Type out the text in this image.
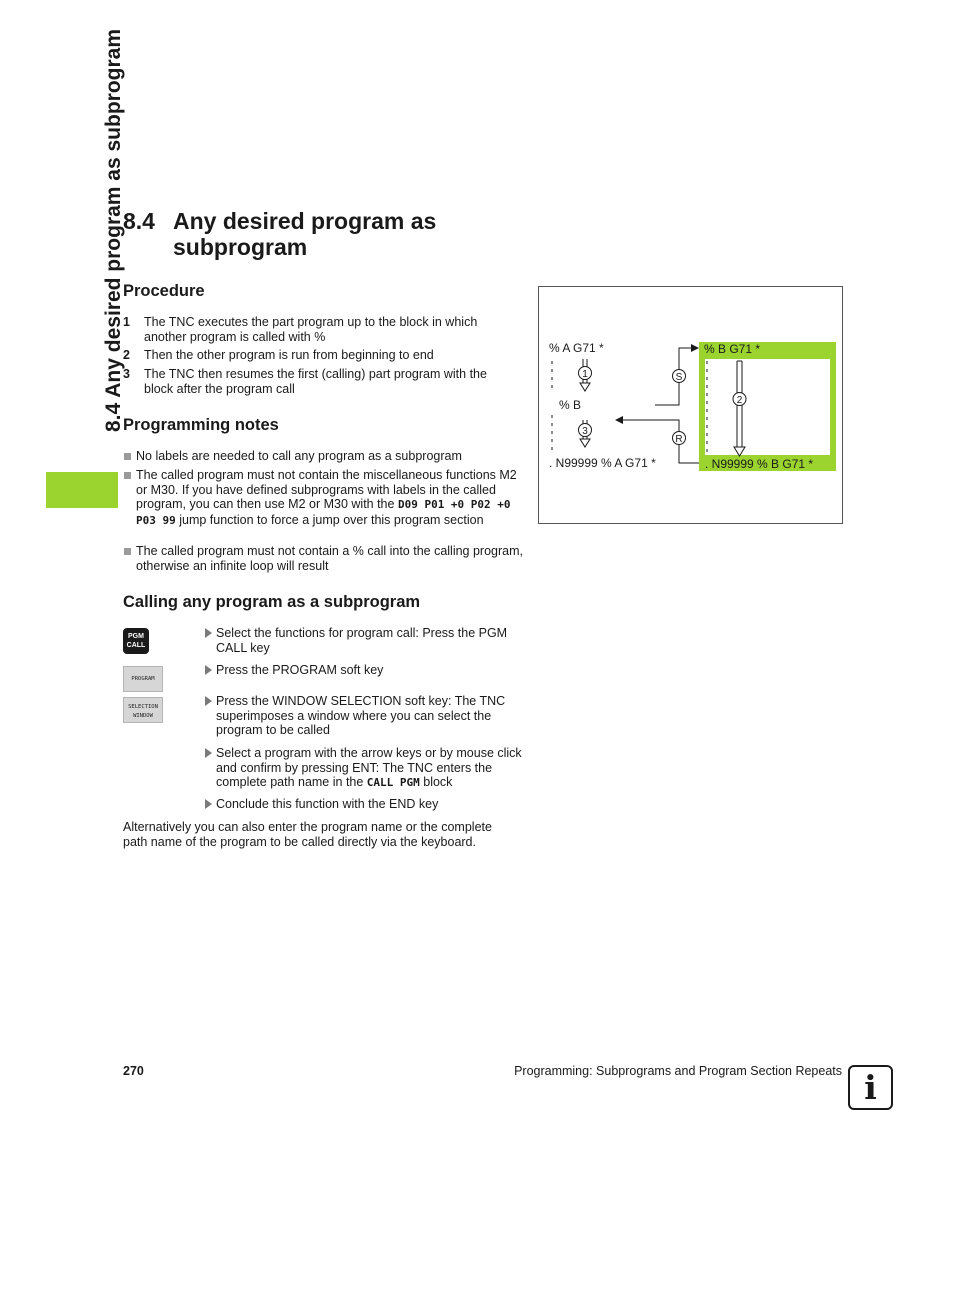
8.4 Any desired program as subprogram
8.4 Any desired program as
subprogram
Procedure
1 The TNC executes the part program up to the block in which another program is called with %
2 Then the other program is run from beginning to end
3 The TNC then resumes the first (calling) part program with the block after the program call
Programming notes
No labels are needed to call any program as a subprogram
The called program must not contain the miscellaneous functions M2 or M30. If you have defined subprograms with labels in the called program, you can then use M2 or M30 with the D09 P01 +0 P02 +0 P03 99 jump function to force a jump over this program section
The called program must not contain a % call into the calling program, otherwise an infinite loop will result
Calling any program as a subprogram
PGM
CALL
PROGRAM
SELECTION
WINDOW
Select the functions for program call: Press the PGM CALL key
Press the PROGRAM soft key
Press the WINDOW SELECTION soft key: The TNC superimposes a window where you can select the program to be called
Select a program with the arrow keys or by mouse click and confirm by pressing ENT: The TNC enters the complete path name in the CALL PGM block
Conclude this function with the END key
Alternatively you can also enter the program name or the complete path name of the program to be called directly via the keyboard.
% A G71 *
% B
. N99999 % A G71 *
% B G71 *
. N99999 % B G71 *
1
3
2
S
R
270	Programming: Subprograms and Program Section Repeats i
